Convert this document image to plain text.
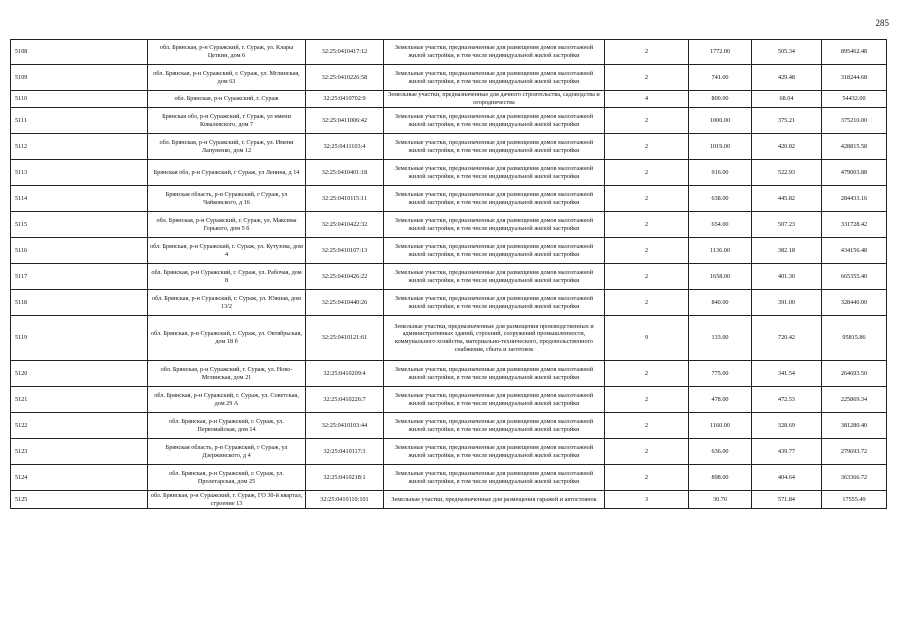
285
5108	обл. Брянская, р-н Суражский, г. Сураж, ул. Клары Цеткин, дом 6	32:25:0410417:12	Земельные участки, предназначенные для размещения домов малоэтажной жилой застройки, в том числе индивидуальной жилой застройки	2	1772.00	505.34	895462.48
5109	обл. Брянская, р-н Суражский, г. Сураж, ул. Мглинская, дом 63	32:25:0410226:58	Земельные участки, предназначенные для размещения домов малоэтажной жилой застройки, в том числе индивидуальной жилой застройки	2	741.00	429.48	318244.68
5110	обл. Брянская, р-н Суражский, г. Сураж	32:25:0410702:9	Земельные участки, предназначенные для дачного строительства, садоводства и огородничества	4	800.00	68.04	54432.00
5111	Брянская обл, р-н Суражский, г Сураж, ул имени Ковалевского, дом 7	32:25:0411006:42	Земельные участки, предназначенные для размещения домов малоэтажной жилой застройки, в том числе индивидуальной жилой застройки	2	1000.00	375.21	375210.00
5112	обл. Брянская, р-н Суражский, г. Сураж, ул. Имени Лапуненко, дом 12	32:25:0411103:4	Земельные участки, предназначенные для размещения домов малоэтажной жилой застройки, в том числе индивидуальной жилой застройки	2	1019.00	420.82	428815.58
5113	Брянская обл, р-н Суражский, г Сураж, ул Ленина, д 14	32:25:0410401:18	Земельные участки, предназначенные для размещения домов малоэтажной жилой застройки, в том числе индивидуальной жилой застройки	2	916.00	522.93	479003.88
5114	Брянская область, р-н Суражский, г Сураж, ул Чайковского, д 16	32:25:0410115:11	Земельные участки, предназначенные для размещения домов малоэтажной жилой застройки, в том числе индивидуальной жилой застройки	2	638.00	445.82	284433.16
5115	обл. Брянская, р-н Суражский, г. Сураж, ул. Максима Горького, дом 5 б	32:25:0410422:32	Земельные участки, предназначенные для размещения домов малоэтажной жилой застройки, в том числе индивидуальной жилой застройки	2	654.00	507.23	331728.42
5116	обл. Брянская, р-н Суражский, г. Сураж, ул. Кутузова, дом 4	32:25:0410107:13	Земельные участки, предназначенные для размещения домов малоэтажной жилой застройки, в том числе индивидуальной жилой застройки	2	1136.00	382.18	434156.48
5117	обл. Брянская, р-н Суражский, г. Сураж, ул. Рабочая, дом 8	32:25:0410426:22	Земельные участки, предназначенные для размещения домов малоэтажной жилой застройки, в том числе индивидуальной жилой застройки	2	1658.00	401.30	665355.40
5118	обл. Брянская, р-н Суражский, г. Сураж, ул. Южная, дом 13/2	32:25:0410440:26	Земельные участки, предназначенные для размещения домов малоэтажной жилой застройки, в том числе индивидуальной жилой застройки	2	840.00	391.00	328440.00
5119	обл. Брянская, р-н Суражский, г. Сураж, ул. Октябрьская, дом 18 б	32:25:0410121:61	Земельные участки, предназначенные для размещения производственных и административных зданий, строений, сооружений промышленности, коммунального хозяйства, материально-технического, продовольственного снабжения, сбыта и заготовок	9	133.00	720.42	95815.86
5120	обл. Брянская, р-н Суражский, г. Сураж, ул. Ново-Мглинская, дом 21	32:25:0410209:4	Земельные участки, предназначенные для размещения домов малоэтажной жилой застройки, в том числе индивидуальной жилой застройки	2	775.00	341.54	264693.50
5121	обл. Брянская, р-н Суражский, г. Сураж, ул. Советская, дом 29 А	32:25:0410226:7	Земельные участки, предназначенные для размещения домов малоэтажной жилой застройки, в том числе индивидуальной жилой застройки	2	478.00	472.53	225869.34
5122	обл. Брянская, р-н Суражский, г. Сураж, ул. Первомайская, дом 14	32:25:0410103:44	Земельные участки, предназначенные для размещения домов малоэтажной жилой застройки, в том числе индивидуальной жилой застройки	2	1160.00	328.69	381280.40
5123	Брянская область, р-н Суражский, г Сураж, ул Дзержинского, д 4	32:25:0410117:3	Земельные участки, предназначенные для размещения домов малоэтажной жилой застройки, в том числе индивидуальной жилой застройки	2	636.00	439.77	279693.72
5124	обл. Брянская, р-н Суражский, г. Сураж, ул. Пролетарская, дом 25	32:25:0410218:1	Земельные участки, предназначенные для размещения домов малоэтажной жилой застройки, в том числе индивидуальной жилой застройки	2	898.00	404.64	363366.72
5125	обл. Брянская, р-н Суражский, г. Сураж, ГО 30-й квартал, строение 13	32:25:0410110:101	Земельные участки, предназначенные для размещения гаражей и автостоянок	3	30.70	571.84	17555.49
